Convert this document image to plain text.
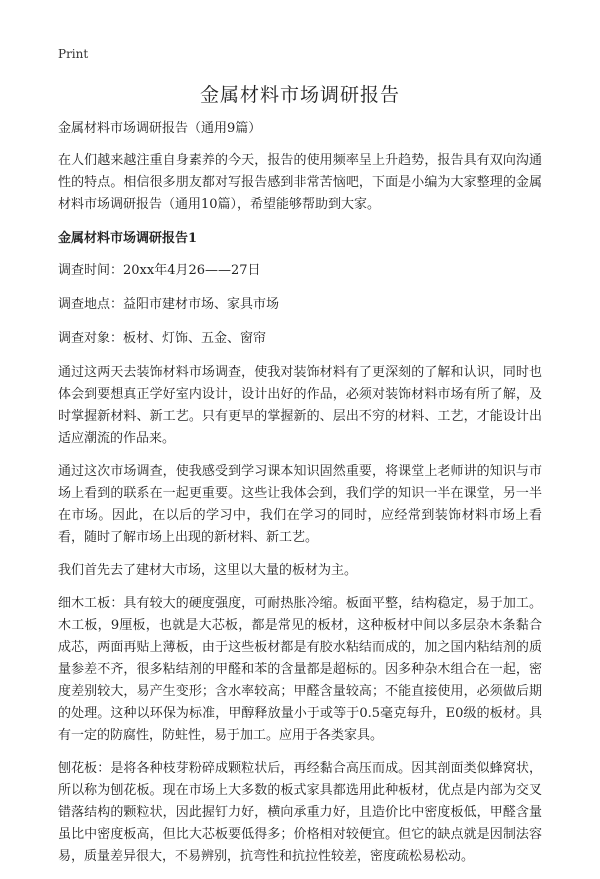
Print
金属材料市场调研报告

金属材料市场调研报告（通用9篇）

在人们越来越注重自身素养的今天，报告的使用频率呈上升趋势，报告具有双向沟通性的特点。相信很多朋友都对写报告感到非常苦恼吧，下面是小编为大家整理的金属材料市场调研报告（通用10篇），希望能够帮助到大家。

金属材料市场调研报告1

调查时间：20xx年4月26——27日

调查地点：益阳市建材市场、家具市场

调查对象：板材、灯饰、五金、窗帘

通过这两天去装饰材料市场调查，使我对装饰材料有了更深刻的了解和认识，同时也体会到要想真正学好室内设计，设计出好的作品，必须对装饰材料市场有所了解，及时掌握新材料、新工艺。只有更早的掌握新的、层出不穷的材料、工艺，才能设计出适应潮流的作品来。

通过这次市场调查，使我感受到学习课本知识固然重要，将课堂上老师讲的知识与市场上看到的联系在一起更重要。这些让我体会到，我们学的知识一半在课堂，另一半在市场。因此，在以后的学习中，我们在学习的同时，应经常到装饰材料市场上看看，随时了解市场上出现的新材料、新工艺。

我们首先去了建材大市场，这里以大量的板材为主。

细木工板：具有较大的硬度强度，可耐热胀冷缩。板面平整，结构稳定，易于加工。木工板，9厘板，也就是大芯板，都是常见的板材，这种板材中间以多层杂木条黏合成芯，两面再贴上薄板，由于这些板材都是有胶水粘结而成的，加之国内粘结剂的质量参差不齐，很多粘结剂的甲醛和苯的含量都是超标的。因多种杂木组合在一起，密度差别较大，易产生变形；含水率较高；甲醛含量较高；不能直接使用，必须做后期的处理。这种以环保为标准，甲醇释放量小于或等于0.5毫克每升，E0级的板材。具有一定的防腐性，防蛀性，易于加工。应用于各类家具。

刨花板：是将各种枝芽粉碎成颗粒状后，再经黏合高压而成。因其剖面类似蜂窝状，所以称为刨花板。现在市场上大多数的板式家具都选用此种板材，优点是内部为交叉错落结构的颗粒状，因此握钉力好，横向承重力好，且造价比中密度板低，甲醛含量虽比中密度板高，但比大芯板要低得多；价格相对较便宜。但它的缺点就是因制法容易，质量差异很大，不易辨别，抗弯性和抗拉性较差，密度疏松易松动。
